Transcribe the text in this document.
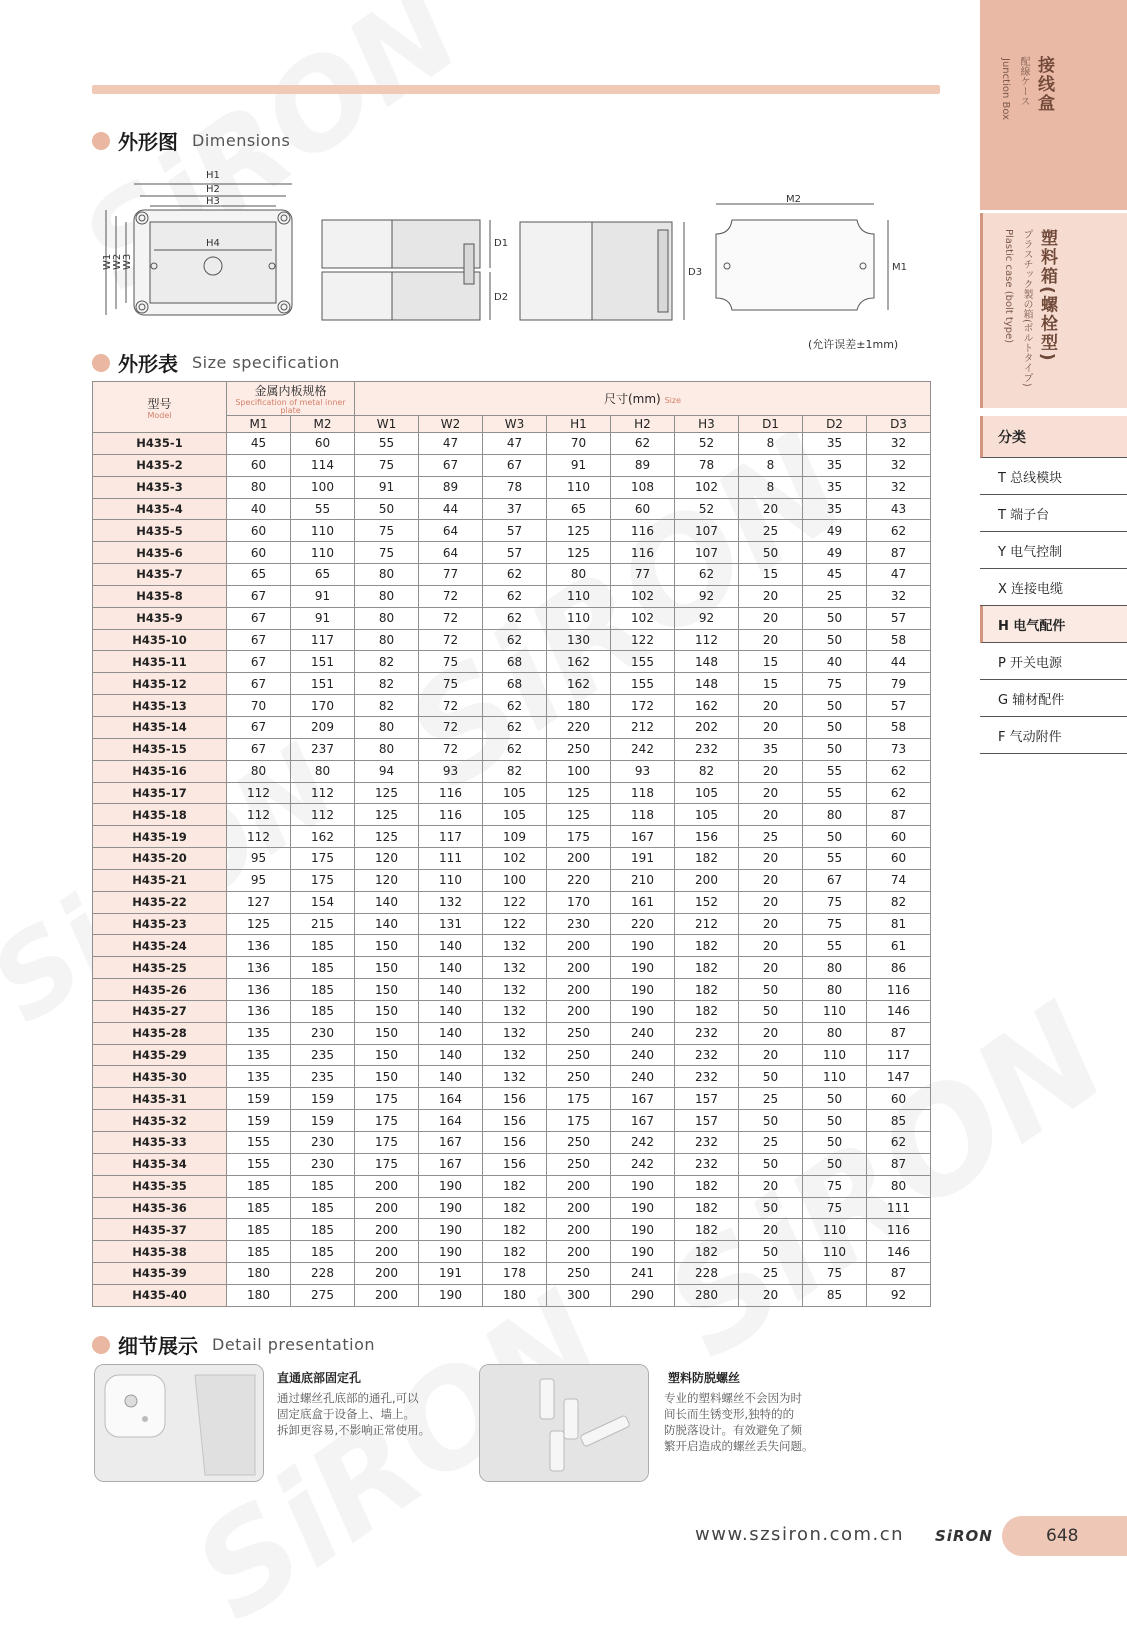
接线盒
配線ケース
Junction Box
塑料箱(螺栓型)
プラスチック製の箱(ボルトタイプ)
Plastic case (bolt type)
分类
T 总线模块
T 端子台
Y 电气控制
X 连接电缆
H 电气配件
P 开关电源
G 辅材配件
F 气动附件
外形图 Dimensions
H1
H2
H3
H4
W1 W2 W3
D1
D2
D3
M2
M1
(允许误差±1mm)
外形表 Size specification
型号
Model	金属内板规格
Specification of metal inner plate		尺寸(mm) Size								
	M1	M2	W1	W2	W3	H1	H2	H3	D1	D2	D3
H435-1	45	60	55	47	47	70	62	52	8	35	32
H435-2	60	114	75	67	67	91	89	78	8	35	32
H435-3	80	100	91	89	78	110	108	102	8	35	32
H435-4	40	55	50	44	37	65	60	52	20	35	43
H435-5	60	110	75	64	57	125	116	107	25	49	62
H435-6	60	110	75	64	57	125	116	107	50	49	87
H435-7	65	65	80	77	62	80	77	62	15	45	47
H435-8	67	91	80	72	62	110	102	92	20	25	32
H435-9	67	91	80	72	62	110	102	92	20	50	57
H435-10	67	117	80	72	62	130	122	112	20	50	58
H435-11	67	151	82	75	68	162	155	148	15	40	44
H435-12	67	151	82	75	68	162	155	148	15	75	79
H435-13	70	170	82	72	62	180	172	162	20	50	57
H435-14	67	209	80	72	62	220	212	202	20	50	58
H435-15	67	237	80	72	62	250	242	232	35	50	73
H435-16	80	80	94	93	82	100	93	82	20	55	62
H435-17	112	112	125	116	105	125	118	105	20	55	62
H435-18	112	112	125	116	105	125	118	105	20	80	87
H435-19	112	162	125	117	109	175	167	156	25	50	60
H435-20	95	175	120	111	102	200	191	182	20	55	60
H435-21	95	175	120	110	100	220	210	200	20	67	74
H435-22	127	154	140	132	122	170	161	152	20	75	82
H435-23	125	215	140	131	122	230	220	212	20	75	81
H435-24	136	185	150	140	132	200	190	182	20	55	61
H435-25	136	185	150	140	132	200	190	182	20	80	86
H435-26	136	185	150	140	132	200	190	182	50	80	116
H435-27	136	185	150	140	132	200	190	182	50	110	146
H435-28	135	230	150	140	132	250	240	232	20	80	87
H435-29	135	235	150	140	132	250	240	232	20	110	117
H435-30	135	235	150	140	132	250	240	232	50	110	147
H435-31	159	159	175	164	156	175	167	157	25	50	60
H435-32	159	159	175	164	156	175	167	157	50	50	85
H435-33	155	230	175	167	156	250	242	232	25	50	62
H435-34	155	230	175	167	156	250	242	232	50	50	87
H435-35	185	185	200	190	182	200	190	182	20	75	80
H435-36	185	185	200	190	182	200	190	182	50	75	111
H435-37	185	185	200	190	182	200	190	182	20	110	116
H435-38	185	185	200	190	182	200	190	182	50	110	146
H435-39	180	228	200	191	178	250	241	228	25	75	87
H435-40	180	275	200	190	180	300	290	280	20	85	92
细节展示 Detail presentation
直通底部固定孔
通过螺丝孔底部的通孔,可以
固定底盒于设备上、墙上。
拆卸更容易,不影响正常使用。
塑料防脱螺丝
专业的塑料螺丝不会因为时
间长而生锈变形,独特的的
防脱落设计。有效避免了频
繁开启造成的螺丝丢失问题。
www.szsiron.com.cn SiRON	648
